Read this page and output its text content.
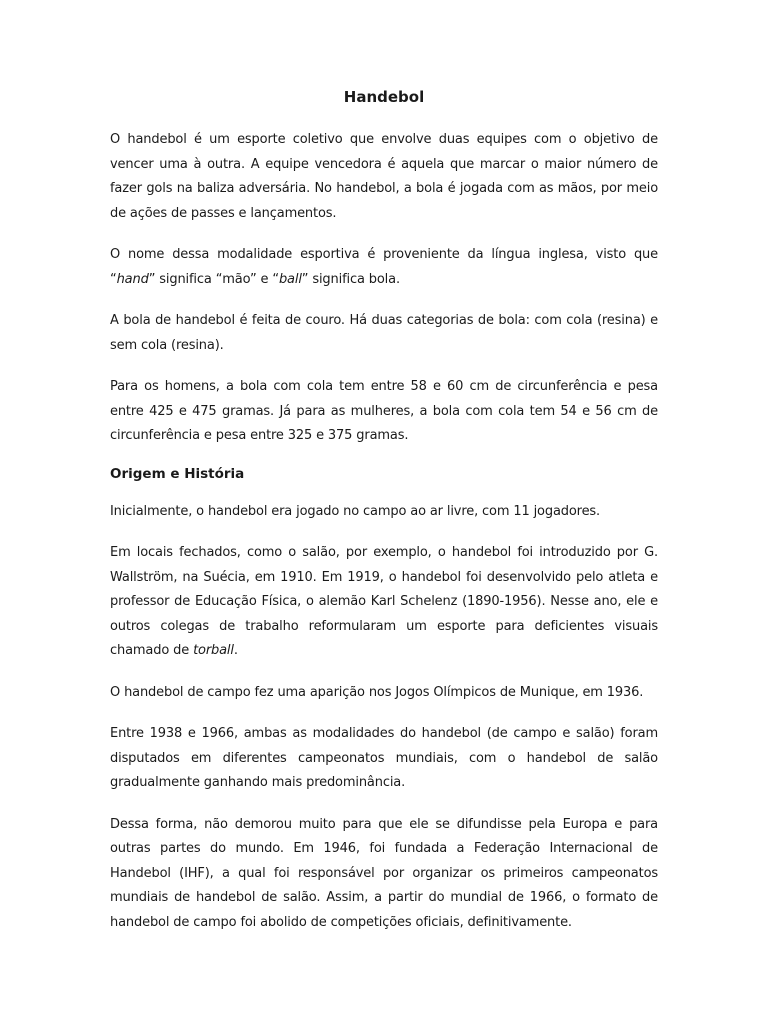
Handebol

O handebol é um esporte coletivo que envolve duas equipes com o objetivo de vencer uma à outra. A equipe vencedora é aquela que marcar o maior número de fazer gols na baliza adversária. No handebol, a bola é jogada com as mãos, por meio de ações de passes e lançamentos.

O nome dessa modalidade esportiva é proveniente da língua inglesa, visto que “hand” significa “mão” e “ball” significa bola.

A bola de handebol é feita de couro. Há duas categorias de bola: com cola (resina) e sem cola (resina).

Para os homens, a bola com cola tem entre 58 e 60 cm de circunferência e pesa entre 425 e 475 gramas. Já para as mulheres, a bola com cola tem 54 e 56 cm de circunferência e pesa entre 325 e 375 gramas.

Origem e História

Inicialmente, o handebol era jogado no campo ao ar livre, com 11 jogadores.

Em locais fechados, como o salão, por exemplo, o handebol foi introduzido por G. Wallström, na Suécia, em 1910. Em 1919, o handebol foi desenvolvido pelo atleta e professor de Educação Física, o alemão Karl Schelenz (1890-1956). Nesse ano, ele e outros colegas de trabalho reformularam um esporte para deficientes visuais chamado de torball.

O handebol de campo fez uma aparição nos Jogos Olímpicos de Munique, em 1936.

Entre 1938 e 1966, ambas as modalidades do handebol (de campo e salão) foram disputados em diferentes campeonatos mundiais, com o handebol de salão gradualmente ganhando mais predominância.

Dessa forma, não demorou muito para que ele se difundisse pela Europa e para outras partes do mundo. Em 1946, foi fundada a Federação Internacional de Handebol (IHF), a qual foi responsável por organizar os primeiros campeonatos mundiais de handebol de salão. Assim, a partir do mundial de 1966, o formato de handebol de campo foi abolido de competições oficiais, definitivamente.
